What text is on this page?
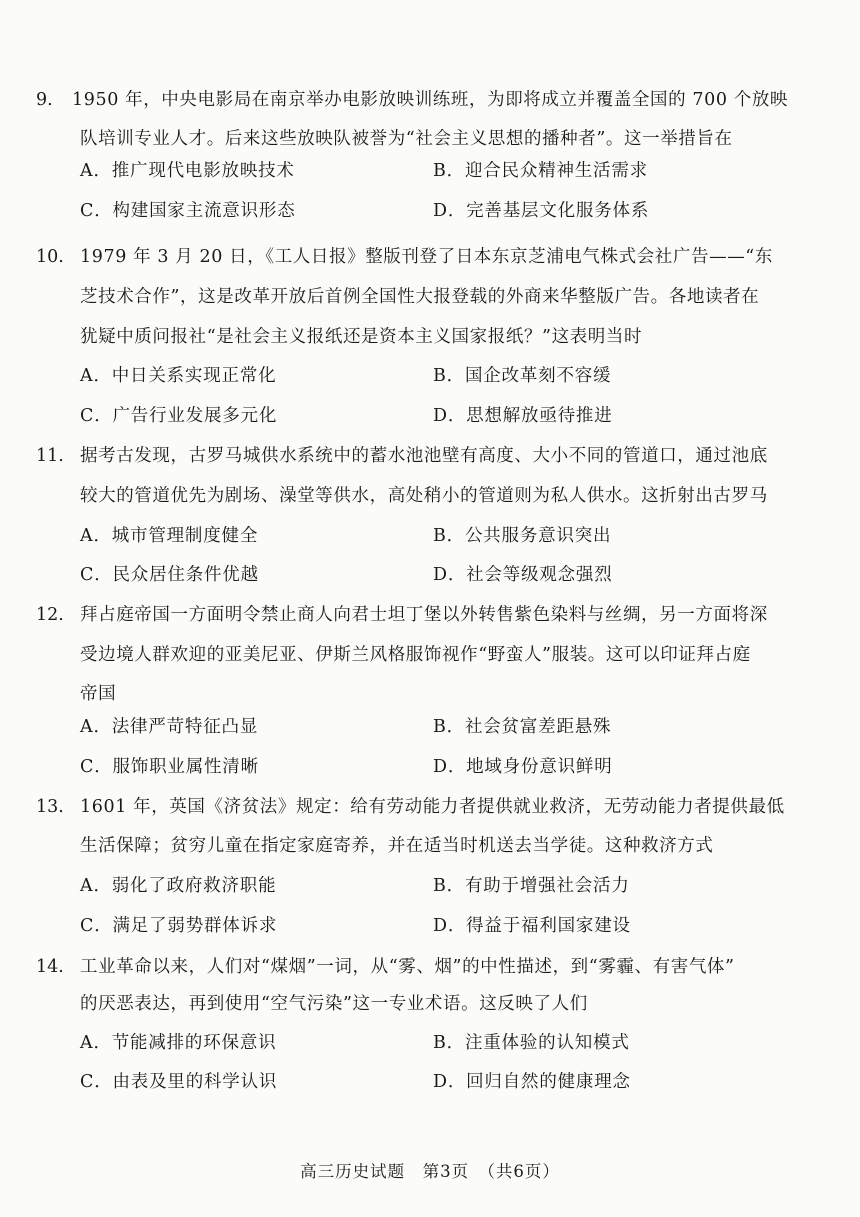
9. 1950 年，中央电影局在南京举办电影放映训练班，为即将成立并覆盖全国的 700 个放映
队培训专业人才。后来这些放映队被誉为“社会主义思想的播种者”。这一举措旨在
A．推广现代电影放映技术	B．迎合民众精神生活需求
C．构建国家主流意识形态	D．完善基层文化服务体系
10. 1979 年 3 月 20 日，《工人日报》整版刊登了日本东京芝浦电气株式会社广告——“东
芝技术合作”，这是改革开放后首例全国性大报登载的外商来华整版广告。各地读者在
犹疑中质问报社“是社会主义报纸还是资本主义国家报纸？”这表明当时
A．中日关系实现正常化	B．国企改革刻不容缓
C．广告行业发展多元化	D．思想解放亟待推进
11. 据考古发现，古罗马城供水系统中的蓄水池池壁有高度、大小不同的管道口，通过池底
较大的管道优先为剧场、澡堂等供水，高处稍小的管道则为私人供水。这折射出古罗马
A．城市管理制度健全	B．公共服务意识突出
C．民众居住条件优越	D．社会等级观念强烈
12. 拜占庭帝国一方面明令禁止商人向君士坦丁堡以外转售紫色染料与丝绸，另一方面将深
受边境人群欢迎的亚美尼亚、伊斯兰风格服饰视作“野蛮人”服装。这可以印证拜占庭
帝国
A．法律严苛特征凸显	B．社会贫富差距悬殊
C．服饰职业属性清晰	D．地域身份意识鲜明
13. 1601 年，英国《济贫法》规定：给有劳动能力者提供就业救济，无劳动能力者提供最低
生活保障；贫穷儿童在指定家庭寄养，并在适当时机送去当学徒。这种救济方式
A．弱化了政府救济职能	B．有助于增强社会活力
C．满足了弱势群体诉求	D．得益于福利国家建设
14. 工业革命以来，人们对“煤烟”一词，从“雾、烟”的中性描述，到“雾霾、有害气体”
的厌恶表达，再到使用“空气污染”这一专业术语。这反映了人们
A．节能减排的环保意识	B．注重体验的认知模式
C．由表及里的科学认识	D．回归自然的健康理念
高三历史试题　第3页　（共6页）
